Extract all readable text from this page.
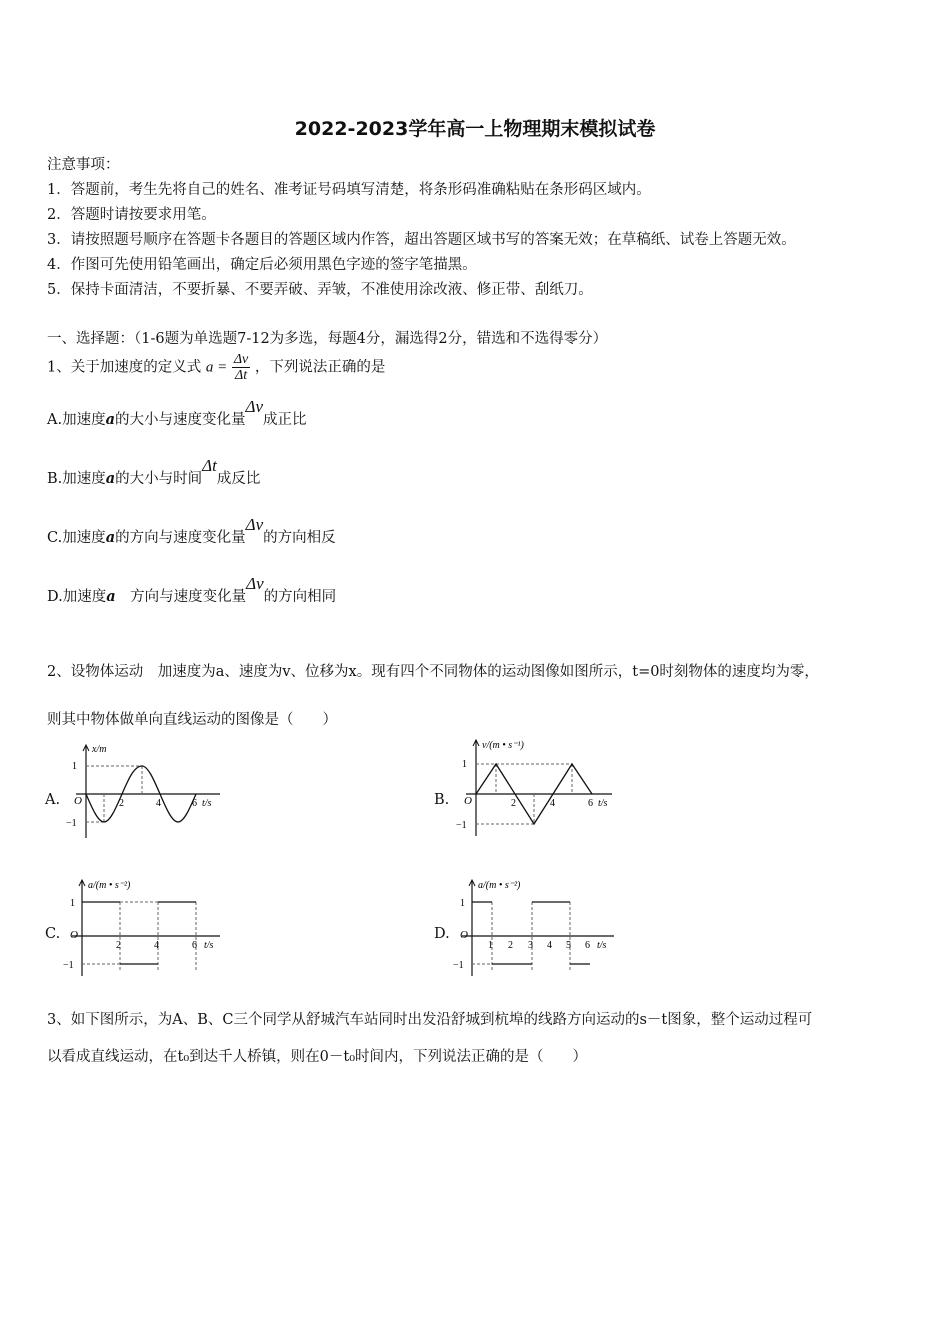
2022-2023学年高一上物理期末模拟试卷
注意事项：
1．答题前，考生先将自己的姓名、准考证号码填写清楚，将条形码准确粘贴在条形码区域内。
2．答题时请按要求用笔。
3．请按照题号顺序在答题卡各题目的答题区域内作答，超出答题区域书写的答案无效；在草稿纸、试卷上答题无效。
4．作图可先使用铅笔画出，确定后必须用黑色字迹的签字笔描黑。
5．保持卡面清洁，不要折暴、不要弄破、弄皱，不准使用涂改液、修正带、刮纸刀。
一、选择题：（1-6题为单选题7-12为多选，每题4分，漏选得2分，错选和不选得零分）
1、关于加速度的定义式 $a = \frac{\Delta v}{\Delta t}$ ，下列说法正确的是
A.加速度a的大小与速度变化量Δv成正比
B.加速度a的大小与时间Δt成反比
C.加速度a的方向与速度变化量Δv的方向相反
D.加速度a　方向与速度变化量Δv的方向相同
2、设物体运动　加速度为a、速度为v、位移为x。现有四个不同物体的运动图像如图所示，t=0时刻物体的速度均为零，
则其中物体做单向直线运动的图像是（　　）
A.
x/m
1
−1
O	2	4	6 t/s	B.
v/(m • s⁻¹)
1
−1
O	2	4	6 t/s
C.
a/(m • s⁻²)
1
−1
O
2	4	6 t/s
D.
a/(m • s⁻²)
1
−1
O
1 2 3 4 5 6 t/s
3、如下图所示，为A、B、C三个同学从舒城汽车站同时出发沿舒城到杭埠的线路方向运动的s－t图象，整个运动过程可
以看成直线运动，在t₀到达千人桥镇，则在0－t₀时间内，下列说法正确的是（　　）
